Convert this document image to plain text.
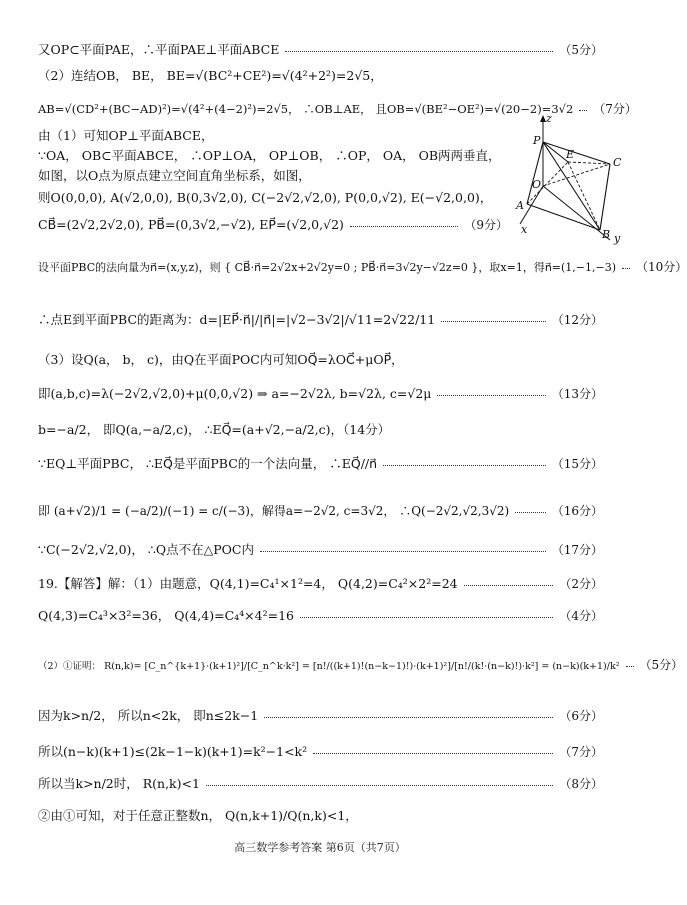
又OP⊂平面PAE，∴平面PAE⊥平面ABCE	（5分）
（2）连结OB， BE， BE=√(BC²+CE²)=√(4²+2²)=2√5，
AB=√(CD²+(BC−AD)²)=√(4²+(4−2)²)=2√5， ∴OB⊥AE， 且OB=√(BE²−OE²)=√(20−2)=3√2 （7分）
由（1）可知OP⊥平面ABCE，
∵OA， OB⊂平面ABCE， ∴OP⊥OA， OP⊥OB， ∴OP， OA， OB两两垂直，
如图，以O点为原点建立空间直角坐标系，如图，
则O(0,0,0), A(√2,0,0), B(0,3√2,0), C(−2√2,√2,0), P(0,0,√2), E(−√2,0,0)，
CB⃗=(2√2,2√2,0), PB⃗=(0,3√2,−√2), EP⃗=(√2,0,√2)	（9分）
设平面PBC的法向量为n⃗=(x,y,z)，则 { CB⃗·n⃗=2√2x+2√2y=0 ; PB⃗·n⃗=3√2y−√2z=0 }，取x=1，得n⃗=(1,−1,−3) （10分）
∴点E到平面PBC的距离为：d=|EP⃗·n⃗|/|n⃗|=|√2−3√2|/√11=2√22/11	（12分）
（3）设Q(a， b， c)，由Q在平面POC内可知OQ⃗=λOC⃗+μOP⃗，
即(a,b,c)=λ(−2√2,√2,0)+μ(0,0,√2) ⇒ a=−2√2λ, b=√2λ, c=√2μ	（13分）
b=−a/2， 即Q(a,−a/2,c)， ∴EQ⃗=(a+√2,−a/2,c)，（14分）
∵EQ⊥平面PBC， ∴EQ⃗是平面PBC的一个法向量， ∴EQ⃗//n⃗	（15分）
即 (a+√2)/1 = (−a/2)/(−1) = c/(−3)，解得a=−2√2, c=3√2， ∴Q(−2√2,√2,3√2)	（16分）
∵C(−2√2,√2,0)， ∴Q点不在△POC内	（17分）
19.【解答】解：（1）由题意，Q(4,1)=C₄¹×1²=4， Q(4,2)=C₄²×2²=24	（2分）
Q(4,3)=C₄³×3²=36， Q(4,4)=C₄⁴×4²=16	（4分）
（2）①证明： R(n,k)= [C_n^{k+1}·(k+1)²]/[C_n^k·k²] = [n!/((k+1)!(n−k−1)!)·(k+1)²]/[n!/(k!·(n−k)!)·k²] = (n−k)(k+1)/k² （5分）
因为k>n/2， 所以n<2k， 即n≤2k−1	（6分）
所以(n−k)(k+1)≤(2k−1−k)(k+1)=k²−1<k²	（7分）
所以当k>n/2时， R(n,k)<1	（8分）
②由①可知，对于任意正整数n， Q(n,k+1)/Q(n,k)<1，
z
P
E
C
O
A
x	B y
高三数学参考答案 第6页（共7页）
